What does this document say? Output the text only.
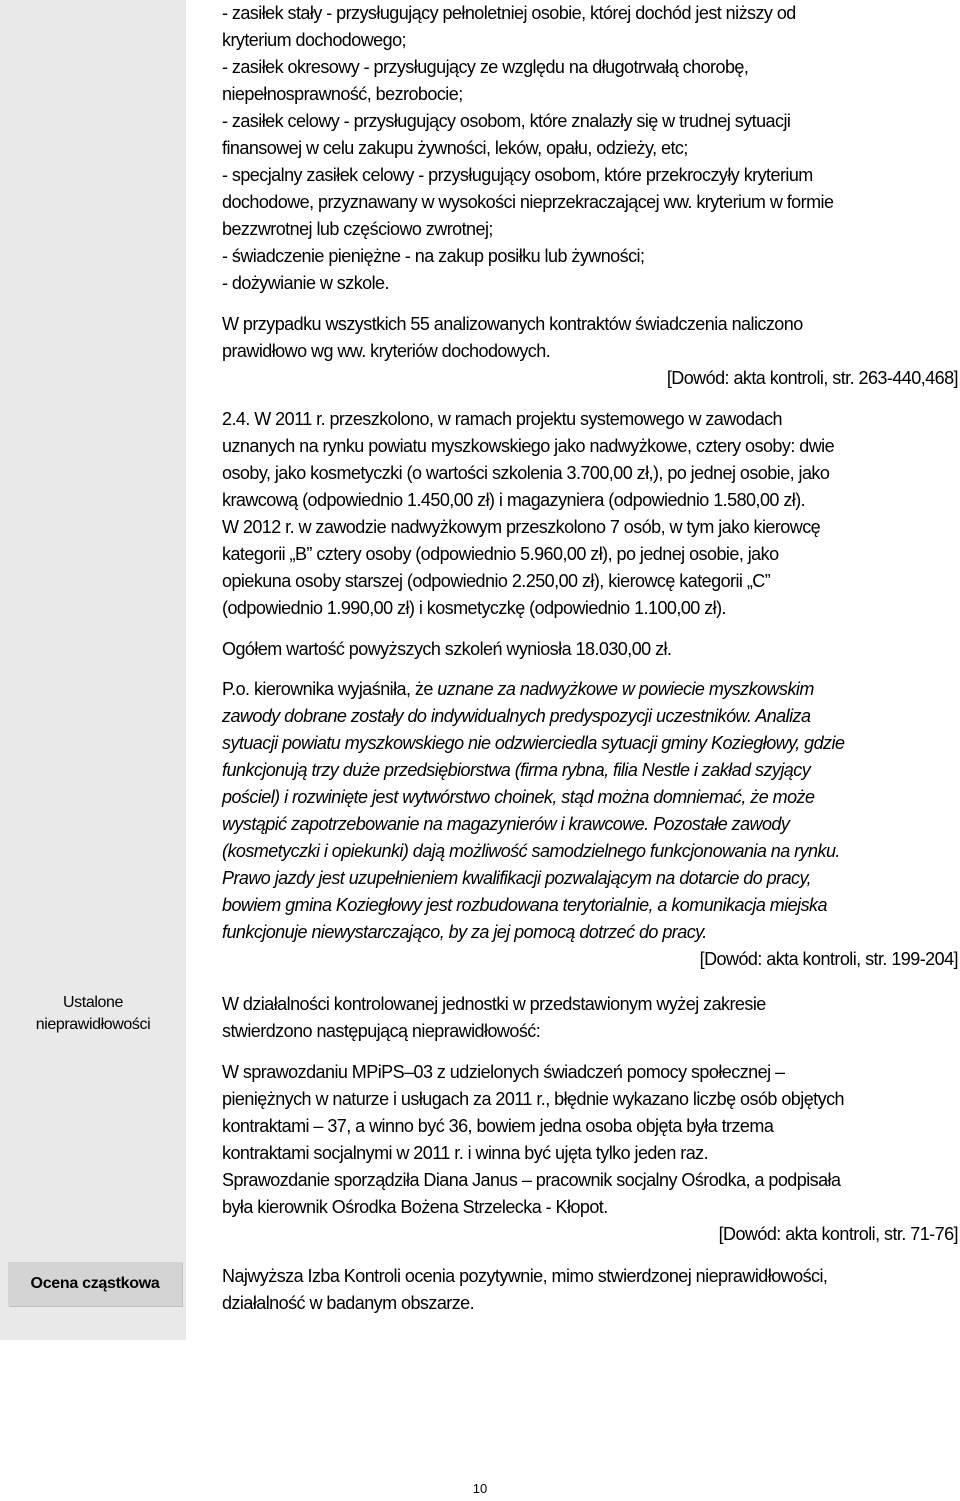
Ustalone
nieprawidłowości
Ocena cząstkowa
- zasiłek stały - przysługujący pełnoletniej osobie, której dochód jest niższy od
kryterium dochodowego;
- zasiłek okresowy - przysługujący ze względu na długotrwałą chorobę,
niepełnosprawność, bezrobocie;
- zasiłek celowy - przysługujący osobom, które znalazły się w trudnej sytuacji
finansowej w celu zakupu żywności, leków, opału, odzieży, etc;
- specjalny zasiłek celowy - przysługujący osobom, które przekroczyły kryterium
dochodowe, przyznawany w wysokości nieprzekraczającej ww. kryterium w formie
bezzwrotnej lub częściowo zwrotnej;
- świadczenie pieniężne - na zakup posiłku lub żywności;
- dożywianie w szkole.
W przypadku wszystkich 55 analizowanych kontraktów świadczenia naliczono
prawidłowo wg ww. kryteriów dochodowych.
[Dowód: akta kontroli, str. 263-440,468]
2.4. W 2011 r. przeszkolono, w ramach projektu systemowego w zawodach
uznanych na rynku powiatu myszkowskiego jako nadwyżkowe, cztery osoby: dwie
osoby, jako kosmetyczki (o wartości szkolenia 3.700,00 zł,), po jednej osobie, jako
krawcową (odpowiednio 1.450,00 zł) i magazyniera (odpowiednio 1.580,00 zł).
W 2012 r. w zawodzie nadwyżkowym przeszkolono 7 osób, w tym jako kierowcę
kategorii „B” cztery osoby (odpowiednio 5.960,00 zł), po jednej osobie, jako
opiekuna osoby starszej (odpowiednio 2.250,00 zł), kierowcę kategorii „C”
(odpowiednio 1.990,00 zł) i kosmetyczkę (odpowiednio 1.100,00 zł).
Ogółem wartość powyższych szkoleń wyniosła 18.030,00 zł.
P.o. kierownika wyjaśniła, że uznane za nadwyżkowe w powiecie myszkowskim
zawody dobrane zostały do indywidualnych predyspozycji uczestników. Analiza
sytuacji powiatu myszkowskiego nie odzwierciedla sytuacji gminy Koziegłowy, gdzie
funkcjonują trzy duże przedsiębiorstwa (firma rybna, filia Nestle i zakład szyjący
pościel) i rozwinięte jest wytwórstwo choinek, stąd można domniemać, że może
wystąpić zapotrzebowanie na magazynierów i krawcowe. Pozostałe zawody
(kosmetyczki i opiekunki) dają możliwość samodzielnego funkcjonowania na rynku.
Prawo jazdy jest uzupełnieniem kwalifikacji pozwalającym na dotarcie do pracy,
bowiem gmina Koziegłowy jest rozbudowana terytorialnie, a komunikacja miejska
funkcjonuje niewystarczająco, by za jej pomocą dotrzeć do pracy.
[Dowód: akta kontroli, str. 199-204]
W działalności kontrolowanej jednostki w przedstawionym wyżej zakresie
stwierdzono następującą nieprawidłowość:
W sprawozdaniu MPiPS–03 z udzielonych świadczeń pomocy społecznej –
pieniężnych w naturze i usługach za 2011 r., błędnie wykazano liczbę osób objętych
kontraktami – 37, a winno być 36, bowiem jedna osoba objęta była trzema
kontraktami socjalnymi w 2011 r. i winna być ujęta tylko jeden raz.
Sprawozdanie sporządziła Diana Janus – pracownik socjalny Ośrodka, a podpisała
była kierownik Ośrodka Bożena Strzelecka - Kłopot.
[Dowód: akta kontroli, str. 71-76]
Najwyższa Izba Kontroli ocenia pozytywnie, mimo stwierdzonej nieprawidłowości,
działalność w badanym obszarze.
10
